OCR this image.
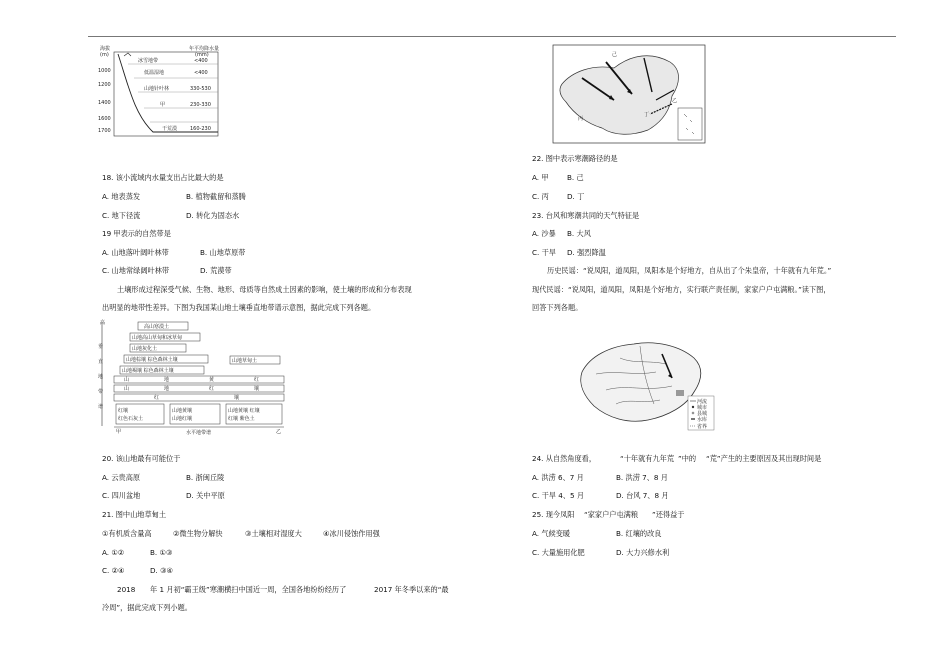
海拔
(m)
年平均降水量
(mm)
1000
1200
1400
1600
1700
冰雪地带	<400
低温湿地	<400
山地针叶林	330-530
甲	230-330
干荒漠	160-230
18. 该小流域内水量支出占比最大的是
A. 地表蒸发	B. 植物截留和蒸腾
C. 地下径流	D. 转化为固态水
19 甲表示的自然带是
A. 山地落叶阔叶林带	B. 山地草原带
C. 山地常绿阔叶林带	D. 荒漠带
土壤形成过程深受气候、生物、地形、母质等自然成土因素的影响，使土壤的形成和分布表现
出明显的地带性差异。下图为我国某山地土壤垂直地带谱示意图，据此完成下列各题。
高
垂
直
地
带
谱
高山寒漠土
山地高山草甸和冰草甸
山地灰化土
山地棕壤 棕色森林土壤
山地褐壤 棕色森林土壤
山地草甸土
山	地	黄	红
山	地	红	壤
红	壤
红壤
红色石灰土
山地黄壤
山地红壤
山地黄壤 红壤
红壤 紫色土
甲	乙
水平地带谱
20. 该山地最有可能位于
A. 云贵高原	B. 浙闽丘陵
C. 四川盆地	D. 关中平原
21. 图中山地草甸土
①有机质含量高	②微生物分解快	③土壤相对湿度大	④冰川侵蚀作用强
A. ①②	B. ①③
C. ②④	D. ③④
2018 年 1 月初“霸王级”寒潮横扫中国近一周，全国各地纷纷经历了	2017 年冬季以来的“最
冷周”，据此完成下列小题。
丙
丁
乙
己
22. 图中表示寒潮路径的是
A. 甲	B. 己
C. 丙	D. 丁
23. 台风和寒潮共同的天气特征是
A. 沙暴 B. 大风
C. 干旱 D. 强烈降温
历史民谣：“说凤阳，道凤阳，凤阳本是个好地方，自从出了个朱皇帝，十年就有九年荒。”
现代民谣：“说凤阳，道凤阳，凤阳是个好地方，实行联产责任制，家家户户屯满粮。”读下图，
回答下列各题。
河流
城市
县城
水库
省界
24. 从自然角度看，	“十年就有九年荒 ”中的 “荒”产生的主要原因及其出现时间是
A. 洪涝 6、7 月	B. 洪涝 7、8 月
C. 干旱 4、5 月	D. 台风 7、8 月
25. 现今凤阳 “家家户户屯满粮 ”还得益于
A. 气候变暖	B. 红壤的改良
C. 大量施用化肥	D. 大力兴修水利
